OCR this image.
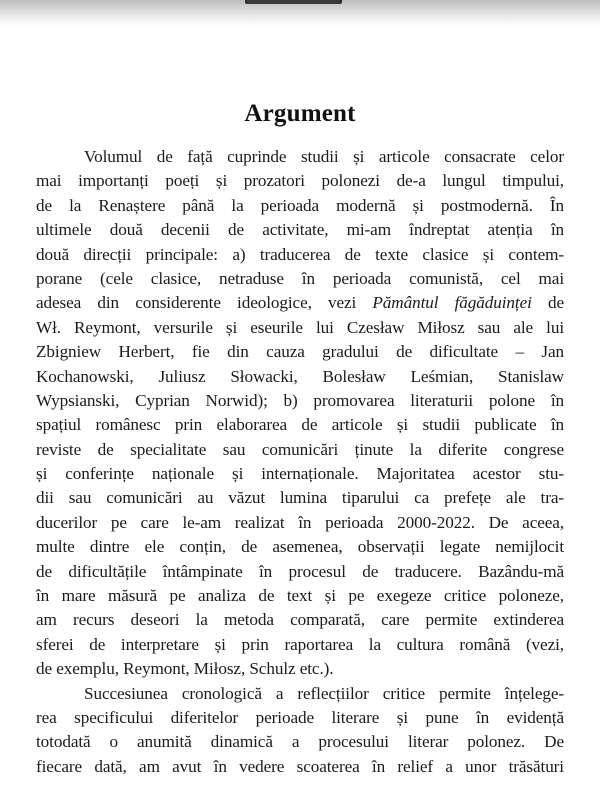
Argument
Volumul de față cuprinde studii și articole consacrate celor
mai importanți poeți și prozatori polonezi de-a lungul timpului,
de la Renaștere până la perioada modernă și postmodernă. În
ultimele două decenii de activitate, mi-am îndreptat atenția în
două direcții principale: a) traducerea de texte clasice și contem-
porane (cele clasice, netraduse în perioada comunistă, cel mai
adesea din considerente ideologice, vezi Pământul făgăduinței de
Wł. Reymont, versurile și eseurile lui Czesław Miłosz sau ale lui
Zbigniew Herbert, fie din cauza gradului de dificultate – Jan
Kochanowski, Juliusz Słowacki, Bolesław Leśmian, Stanislaw
Wypsianski, Cyprian Norwid); b) promovarea literaturii polone în
spațiul românesc prin elaborarea de articole și studii publicate în
reviste de specialitate sau comunicări ținute la diferite congrese
și conferințe naționale și internaționale. Majoritatea acestor stu-
dii sau comunicări au văzut lumina tiparului ca prefețe ale tra-
ducerilor pe care le-am realizat în perioada 2000-2022. De aceea,
multe dintre ele conțin, de asemenea, observații legate nemijlocit
de dificultățile întâmpinate în procesul de traducere. Bazându-mă
în mare măsură pe analiza de text și pe exegeze critice poloneze,
am recurs deseori la metoda comparată, care permite extinderea
sferei de interpretare și prin raportarea la cultura română (vezi,
de exemplu, Reymont, Miłosz, Schulz etc.).
Succesiunea cronologică a reflecțiilor critice permite înțelege-
rea specificului diferitelor perioade literare și pune în evidență
totodată o anumită dinamică a procesului literar polonez. De
fiecare dată, am avut în vedere scoaterea în relief a unor trăsături
